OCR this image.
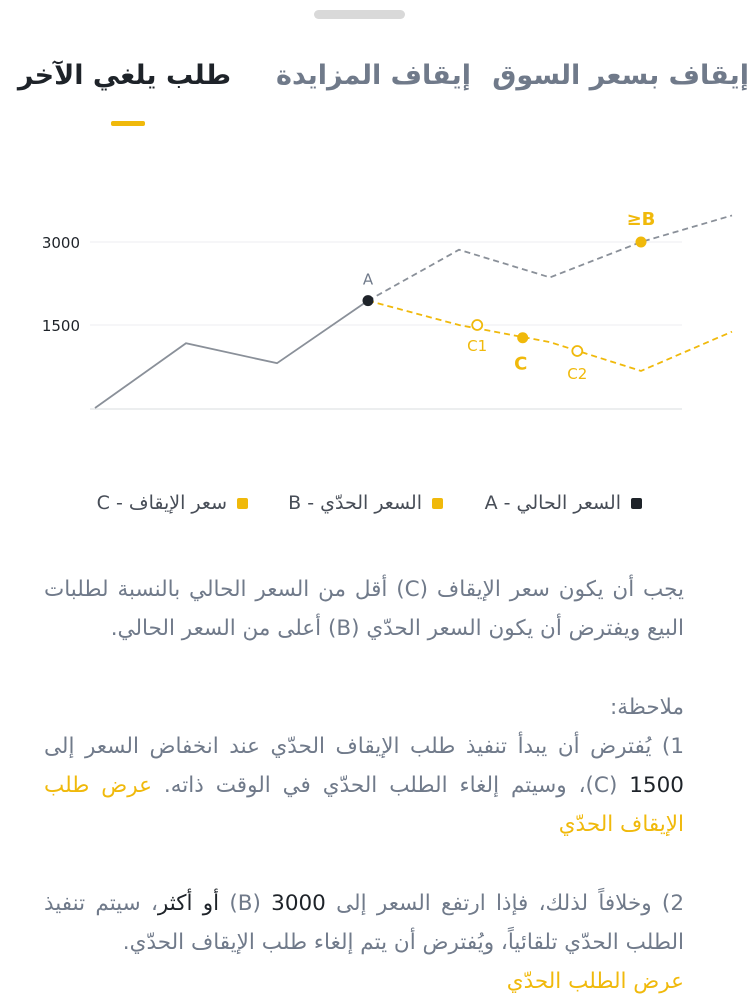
طلب يلغي الآخر إيقاف المزايدة إيقاف بسعر السوق
3000
1500
A
≥B
C1
C	C2
السعر الحالي - A
السعر الحدّي - B
سعر الإيقاف - C

يجب أن يكون سعر الإيقاف (C) أقل من السعر الحالي بالنسبة لطلبات البيع ويفترض أن يكون السعر الحدّي (B) أعلى من السعر الحالي.

ملاحظة:

1) يُفترض أن يبدأ تنفيذ طلب الإيقاف الحدّي عند انخفاض السعر إلى 1500 (C)، وسيتم إلغاء الطلب الحدّي في الوقت ذاته. عرض طلب الإيقاف الحدّي

2) وخلافاً لذلك، فإذا ارتفع السعر إلى 3000 (B) أو أكثر، سيتم تنفيذ الطلب الحدّي تلقائياً، ويُفترض أن يتم إلغاء طلب الإيقاف الحدّي.
عرض الطلب الحدّي
